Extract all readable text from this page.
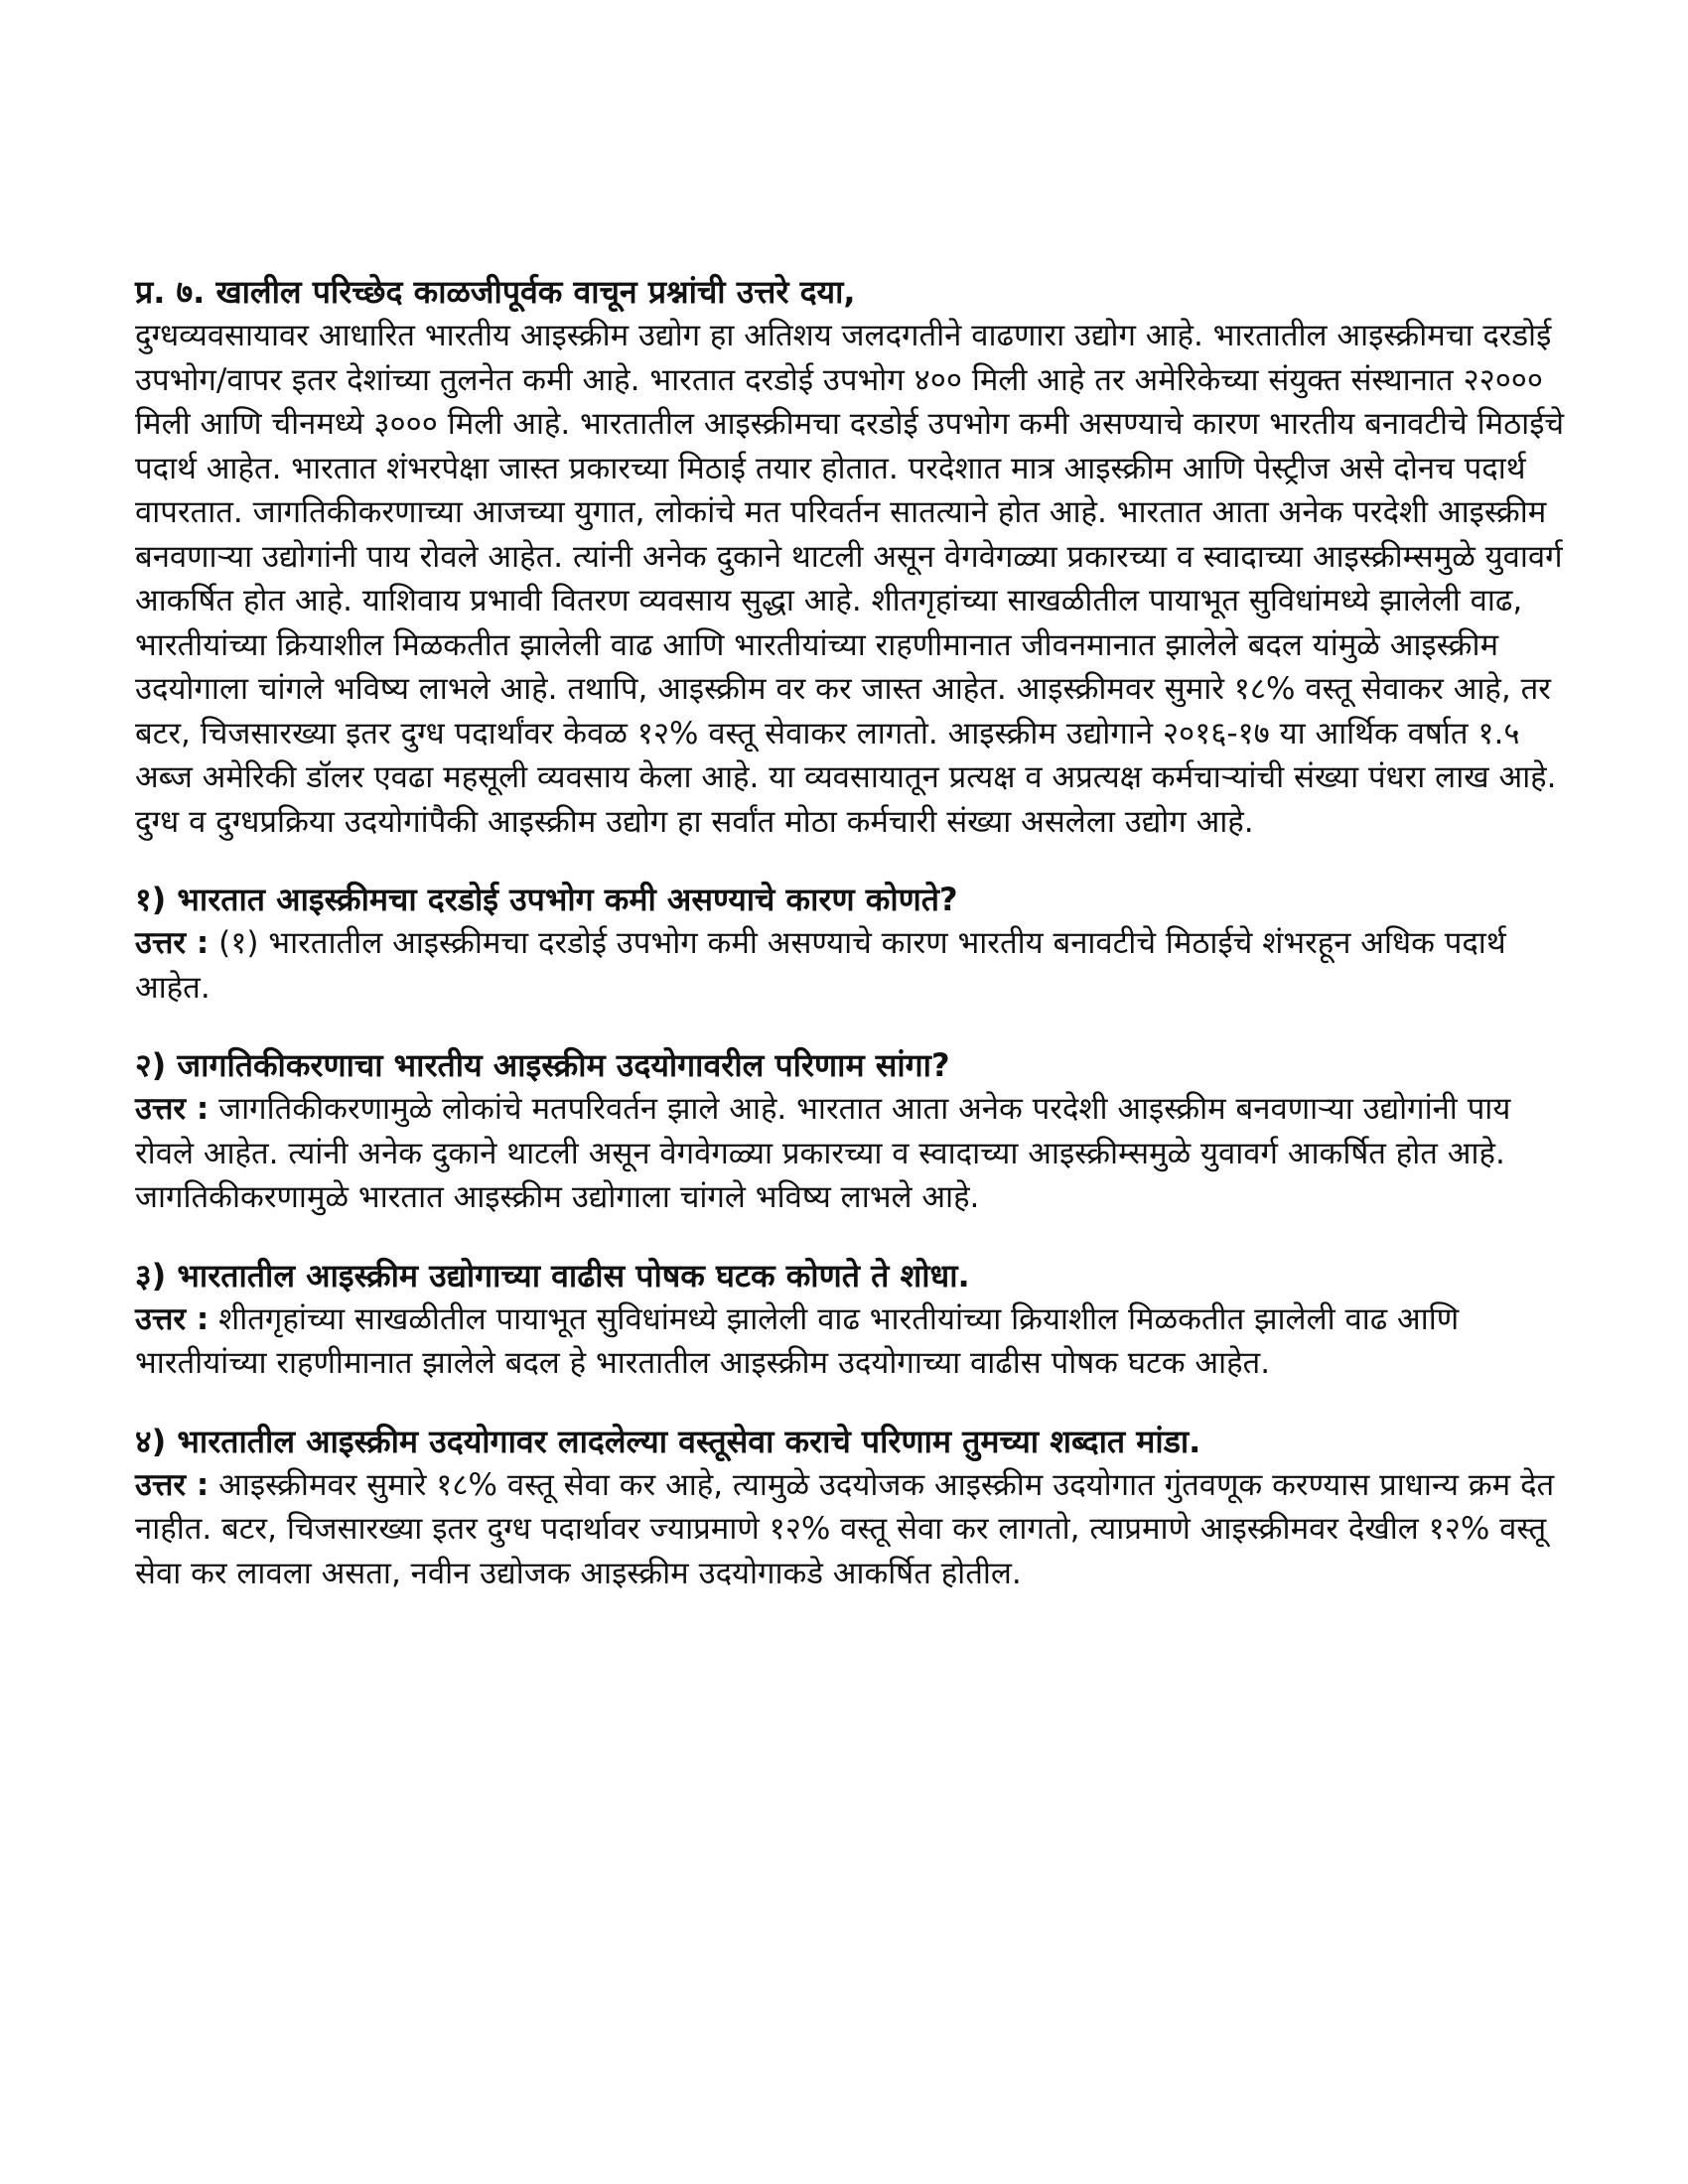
प्र. ७. खालील परिच्छेद काळजीपूर्वक वाचून प्रश्नांची उत्तरे दया,

दुग्धव्यवसायावर आधारित भारतीय आइस्क्रीम उद्योग हा अतिशय जलदगतीने वाढणारा उद्योग आहे. भारतातील आइस्क्रीमचा दरडोई उपभोग/वापर इतर देशांच्या तुलनेत कमी आहे. भारतात दरडोई उपभोग ४०० मिली आहे तर अमेरिकेच्या संयुक्त संस्थानात २२००० मिली आणि चीनमध्ये ३००० मिली आहे. भारतातील आइस्क्रीमचा दरडोई उपभोग कमी असण्याचे कारण भारतीय बनावटीचे मिठाईचे पदार्थ आहेत. भारतात शंभरपेक्षा जास्त प्रकारच्या मिठाई तयार होतात. परदेशात मात्र आइस्क्रीम आणि पेस्ट्रीज असे दोनच पदार्थ वापरतात. जागतिकीकरणाच्या आजच्या युगात, लोकांचे मत परिवर्तन सातत्याने होत आहे. भारतात आता अनेक परदेशी आइस्क्रीम बनवणाऱ्या उद्योगांनी पाय रोवले आहेत. त्यांनी अनेक दुकाने थाटली असून वेगवेगळ्या प्रकारच्या व स्वादाच्या आइस्क्रीम्समुळे युवावर्ग आकर्षित होत आहे. याशिवाय प्रभावी वितरण व्यवसाय सुद्धा आहे. शीतगृहांच्या साखळीतील पायाभूत सुविधांमध्ये झालेली वाढ, भारतीयांच्या क्रियाशील मिळकतीत झालेली वाढ आणि भारतीयांच्या राहणीमानात जीवनमानात झालेले बदल यांमुळे आइस्क्रीम उदयोगाला चांगले भविष्य लाभले आहे. तथापि, आइस्क्रीम वर कर जास्त आहेत. आइस्क्रीमवर सुमारे १८% वस्तू सेवाकर आहे, तर बटर, चिजसारख्या इतर दुग्ध पदार्थांवर केवळ १२% वस्तू सेवाकर लागतो. आइस्क्रीम उद्योगाने २०१६-१७ या आर्थिक वर्षात १.५ अब्ज अमेरिकी डॉलर एवढा महसूली व्यवसाय केला आहे. या व्यवसायातून प्रत्यक्ष व अप्रत्यक्ष कर्मचाऱ्यांची संख्या पंधरा लाख आहे. दुग्ध व दुग्धप्रक्रिया उदयोगांपैकी आइस्क्रीम उद्योग हा सर्वांत मोठा कर्मचारी संख्या असलेला उद्योग आहे.

१) भारतात आइस्क्रीमचा दरडोई उपभोग कमी असण्याचे कारण कोणते?

उत्तर : (१) भारतातील आइस्क्रीमचा दरडोई उपभोग कमी असण्याचे कारण भारतीय बनावटीचे मिठाईचे शंभरहून अधिक पदार्थ आहेत.

२) जागतिकीकरणाचा भारतीय आइस्क्रीम उदयोगावरील परिणाम सांगा?

उत्तर : जागतिकीकरणामुळे लोकांचे मतपरिवर्तन झाले आहे. भारतात आता अनेक परदेशी आइस्क्रीम बनवणाऱ्या उद्योगांनी पाय रोवले आहेत. त्यांनी अनेक दुकाने थाटली असून वेगवेगळ्या प्रकारच्या व स्वादाच्या आइस्क्रीम्समुळे युवावर्ग आकर्षित होत आहे. जागतिकीकरणामुळे भारतात आइस्क्रीम उद्योगाला चांगले भविष्य लाभले आहे.

३) भारतातील आइस्क्रीम उद्योगाच्या वाढीस पोषक घटक कोणते ते शोधा.

उत्तर : शीतगृहांच्या साखळीतील पायाभूत सुविधांमध्ये झालेली वाढ भारतीयांच्या क्रियाशील मिळकतीत झालेली वाढ आणि भारतीयांच्या राहणीमानात झालेले बदल हे भारतातील आइस्क्रीम उदयोगाच्या वाढीस पोषक घटक आहेत.

४) भारतातील आइस्क्रीम उदयोगावर लादलेल्या वस्तूसेवा कराचे परिणाम तुमच्या शब्दात मांडा.

उत्तर : आइस्क्रीमवर सुमारे १८% वस्तू सेवा कर आहे, त्यामुळे उदयोजक आइस्क्रीम उदयोगात गुंतवणूक करण्यास प्राधान्य क्रम देत नाहीत. बटर, चिजसारख्या इतर दुग्ध पदार्थावर ज्याप्रमाणे १२% वस्तू सेवा कर लागतो, त्याप्रमाणे आइस्क्रीमवर देखील १२% वस्तू सेवा कर लावला असता, नवीन उद्योजक आइस्क्रीम उदयोगाकडे आकर्षित होतील.
